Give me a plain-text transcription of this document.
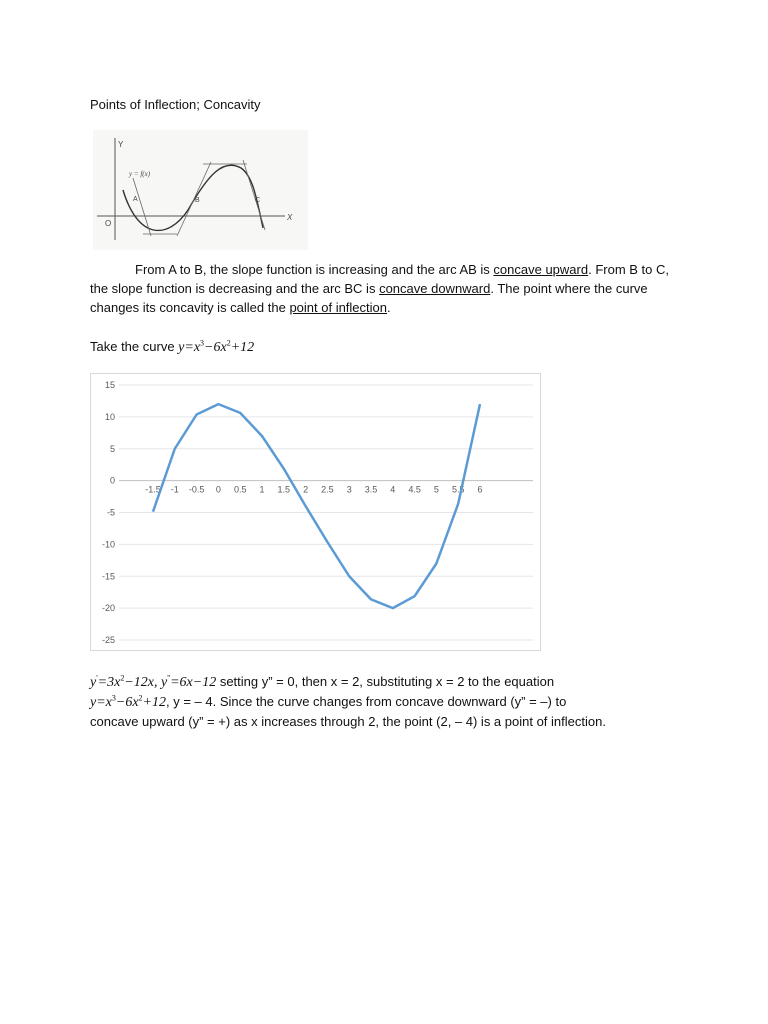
Points of Inflection; Concavity
Y
X
O
y = f(x)
A	B	C
From A to B, the slope function is increasing and the arc AB is concave upward. From B to C, the slope function is decreasing and the arc BC is concave downward. The point where the curve changes its concavity is called the point of inflection.
Take the curve $y=x^3-6x^2+12$
15
10
5
0
-5
-10
-15
-20
-25
-1.5 -1 -0.5 0 0.5 1 1.5 2 2.5 3 3.5 4 4.5 5 5.5 6
$y'=3x^2-12x$, y''=6x−12 setting y” = 0, then x = 2, substituting x = 2 to the equation
$y=x^3-6x^2+12$, y = – 4. Since the curve changes from concave downward (y” = –) to
concave upward (y” = +) as x increases through 2, the point (2, – 4) is a point of inflection.
